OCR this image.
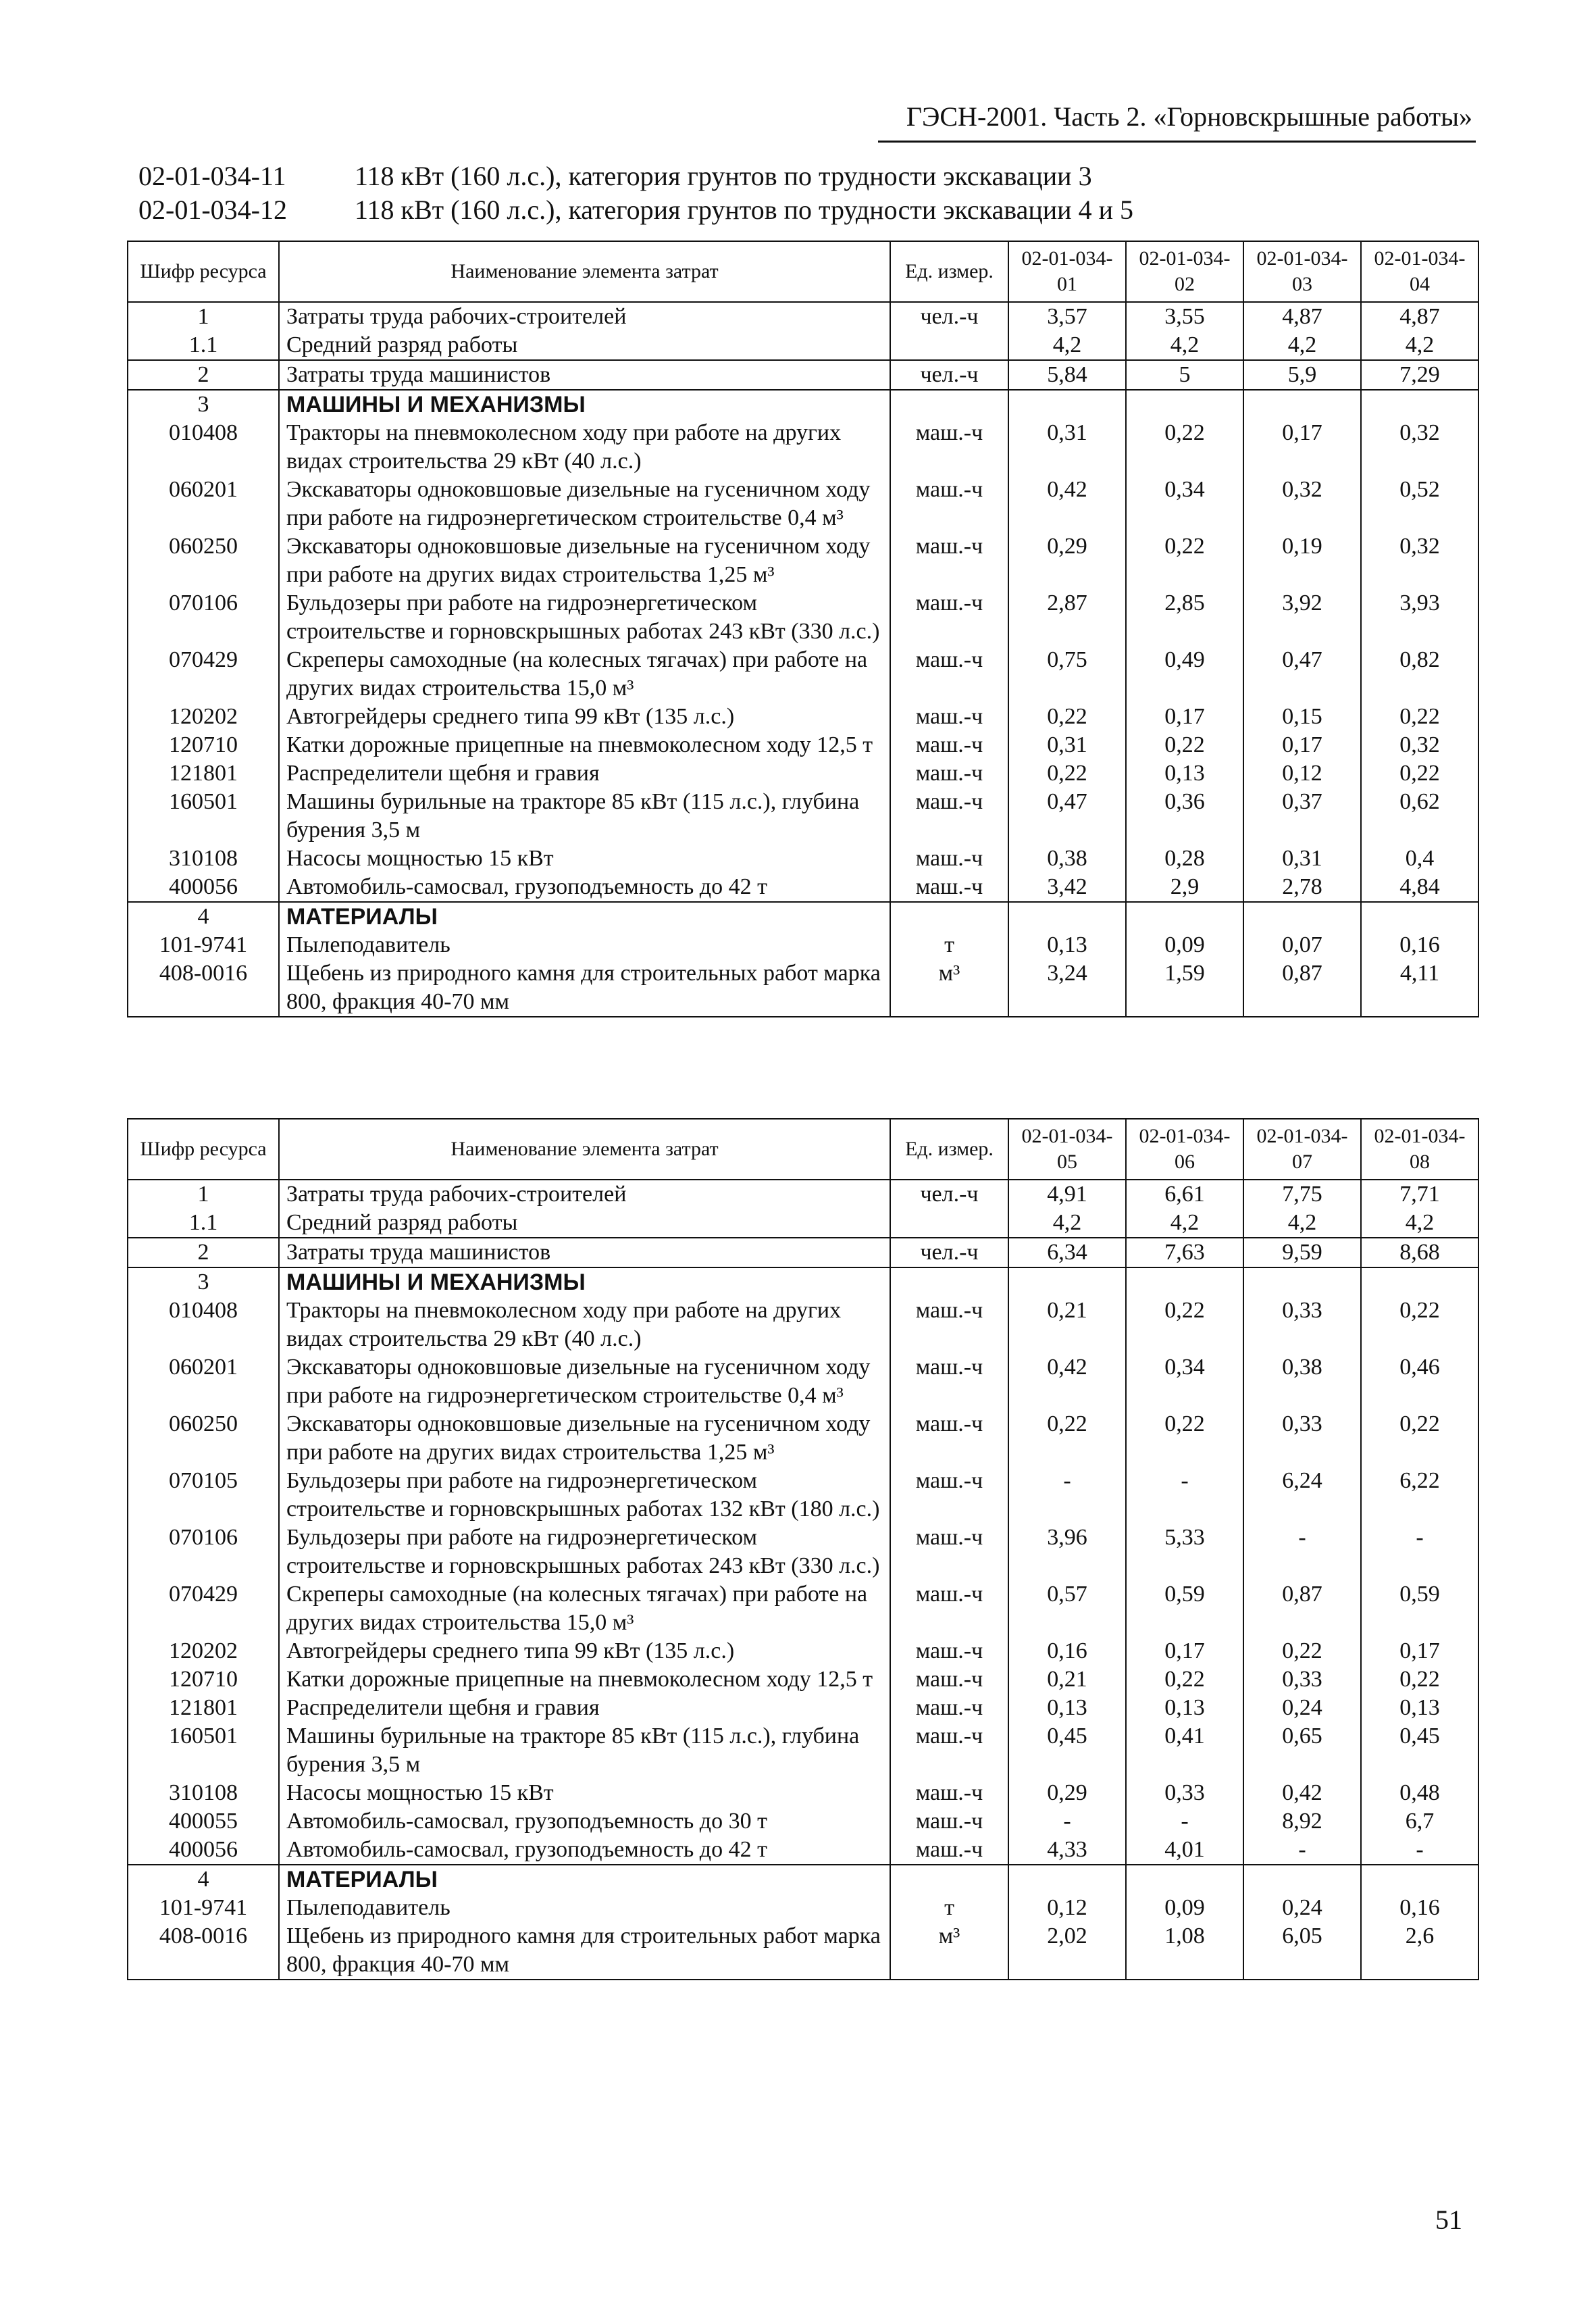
ГЭСН-2001. Часть 2. «Горновскрышные работы»
02-01-034-11	118 кВт (160 л.с.), категория грунтов по трудности экскавации 3
02-01-034-12	118 кВт (160 л.с.), категория грунтов по трудности экскавации 4 и 5
Шифр ресурса	Наименование элемента затрат	Ед. измер.	02-01-034-01	02-01-034-02	02-01-034-03	02-01-034-04
1	Затраты труда рабочих-строителей	чел.-ч	3,57	3,55	4,87	4,87
1.1	Средний разряд работы		4,2	4,2	4,2	4,2
2	Затраты труда машинистов	чел.-ч	5,84	5	5,9	7,29
3	МАШИНЫ И МЕХАНИЗМЫ					
010408	Тракторы на пневмоколесном ходу при работе на других видах строительства 29 кВт (40 л.с.)	маш.-ч	0,31	0,22	0,17	0,32
060201	Экскаваторы одноковшовые дизельные на гусеничном ходу при работе на гидроэнергетическом строительстве 0,4 м³	маш.-ч	0,42	0,34	0,32	0,52
060250	Экскаваторы одноковшовые дизельные на гусеничном ходу при работе на других видах строительства 1,25 м³	маш.-ч	0,29	0,22	0,19	0,32
070106	Бульдозеры при работе на гидроэнергетическом строительстве и горновскрышных работах 243 кВт (330 л.с.)	маш.-ч	2,87	2,85	3,92	3,93
070429	Скреперы самоходные (на колесных тягачах) при работе на других видах строительства 15,0 м³	маш.-ч	0,75	0,49	0,47	0,82
120202	Автогрейдеры среднего типа 99 кВт (135 л.с.)	маш.-ч	0,22	0,17	0,15	0,22
120710	Катки дорожные прицепные на пневмоколесном ходу 12,5 т	маш.-ч	0,31	0,22	0,17	0,32
121801	Распределители щебня и гравия	маш.-ч	0,22	0,13	0,12	0,22
160501	Машины бурильные на тракторе 85 кВт (115 л.с.), глубина бурения 3,5 м	маш.-ч	0,47	0,36	0,37	0,62
310108	Насосы мощностью 15 кВт	маш.-ч	0,38	0,28	0,31	0,4
400056	Автомобиль-самосвал, грузоподъемность до 42 т	маш.-ч	3,42	2,9	2,78	4,84
4	МАТЕРИАЛЫ					
101-9741	Пылеподавитель	т	0,13	0,09	0,07	0,16
408-0016	Щебень из природного камня для строительных работ марка 800, фракция 40-70 мм	м³	3,24	1,59	0,87	4,11
Шифр ресурса	Наименование элемента затрат	Ед. измер.	02-01-034-05	02-01-034-06	02-01-034-07	02-01-034-08
1	Затраты труда рабочих-строителей	чел.-ч	4,91	6,61	7,75	7,71
1.1	Средний разряд работы		4,2	4,2	4,2	4,2
2	Затраты труда машинистов	чел.-ч	6,34	7,63	9,59	8,68
3	МАШИНЫ И МЕХАНИЗМЫ					
010408	Тракторы на пневмоколесном ходу при работе на других видах строительства 29 кВт (40 л.с.)	маш.-ч	0,21	0,22	0,33	0,22
060201	Экскаваторы одноковшовые дизельные на гусеничном ходу при работе на гидроэнергетическом строительстве 0,4 м³	маш.-ч	0,42	0,34	0,38	0,46
060250	Экскаваторы одноковшовые дизельные на гусеничном ходу при работе на других видах строительства 1,25 м³	маш.-ч	0,22	0,22	0,33	0,22
070105	Бульдозеры при работе на гидроэнергетическом строительстве и горновскрышных работах 132 кВт (180 л.с.)	маш.-ч	-	-	6,24	6,22
070106	Бульдозеры при работе на гидроэнергетическом строительстве и горновскрышных работах 243 кВт (330 л.с.)	маш.-ч	3,96	5,33	-	-
070429	Скреперы самоходные (на колесных тягачах) при работе на других видах строительства 15,0 м³	маш.-ч	0,57	0,59	0,87	0,59
120202	Автогрейдеры среднего типа 99 кВт (135 л.с.)	маш.-ч	0,16	0,17	0,22	0,17
120710	Катки дорожные прицепные на пневмоколесном ходу 12,5 т	маш.-ч	0,21	0,22	0,33	0,22
121801	Распределители щебня и гравия	маш.-ч	0,13	0,13	0,24	0,13
160501	Машины бурильные на тракторе 85 кВт (115 л.с.), глубина бурения 3,5 м	маш.-ч	0,45	0,41	0,65	0,45
310108	Насосы мощностью 15 кВт	маш.-ч	0,29	0,33	0,42	0,48
400055	Автомобиль-самосвал, грузоподъемность до 30 т	маш.-ч	-	-	8,92	6,7
400056	Автомобиль-самосвал, грузоподъемность до 42 т	маш.-ч	4,33	4,01	-	-
4	МАТЕРИАЛЫ					
101-9741	Пылеподавитель	т	0,12	0,09	0,24	0,16
408-0016	Щебень из природного камня для строительных работ марка 800, фракция 40-70 мм	м³	2,02	1,08	6,05	2,6
51
